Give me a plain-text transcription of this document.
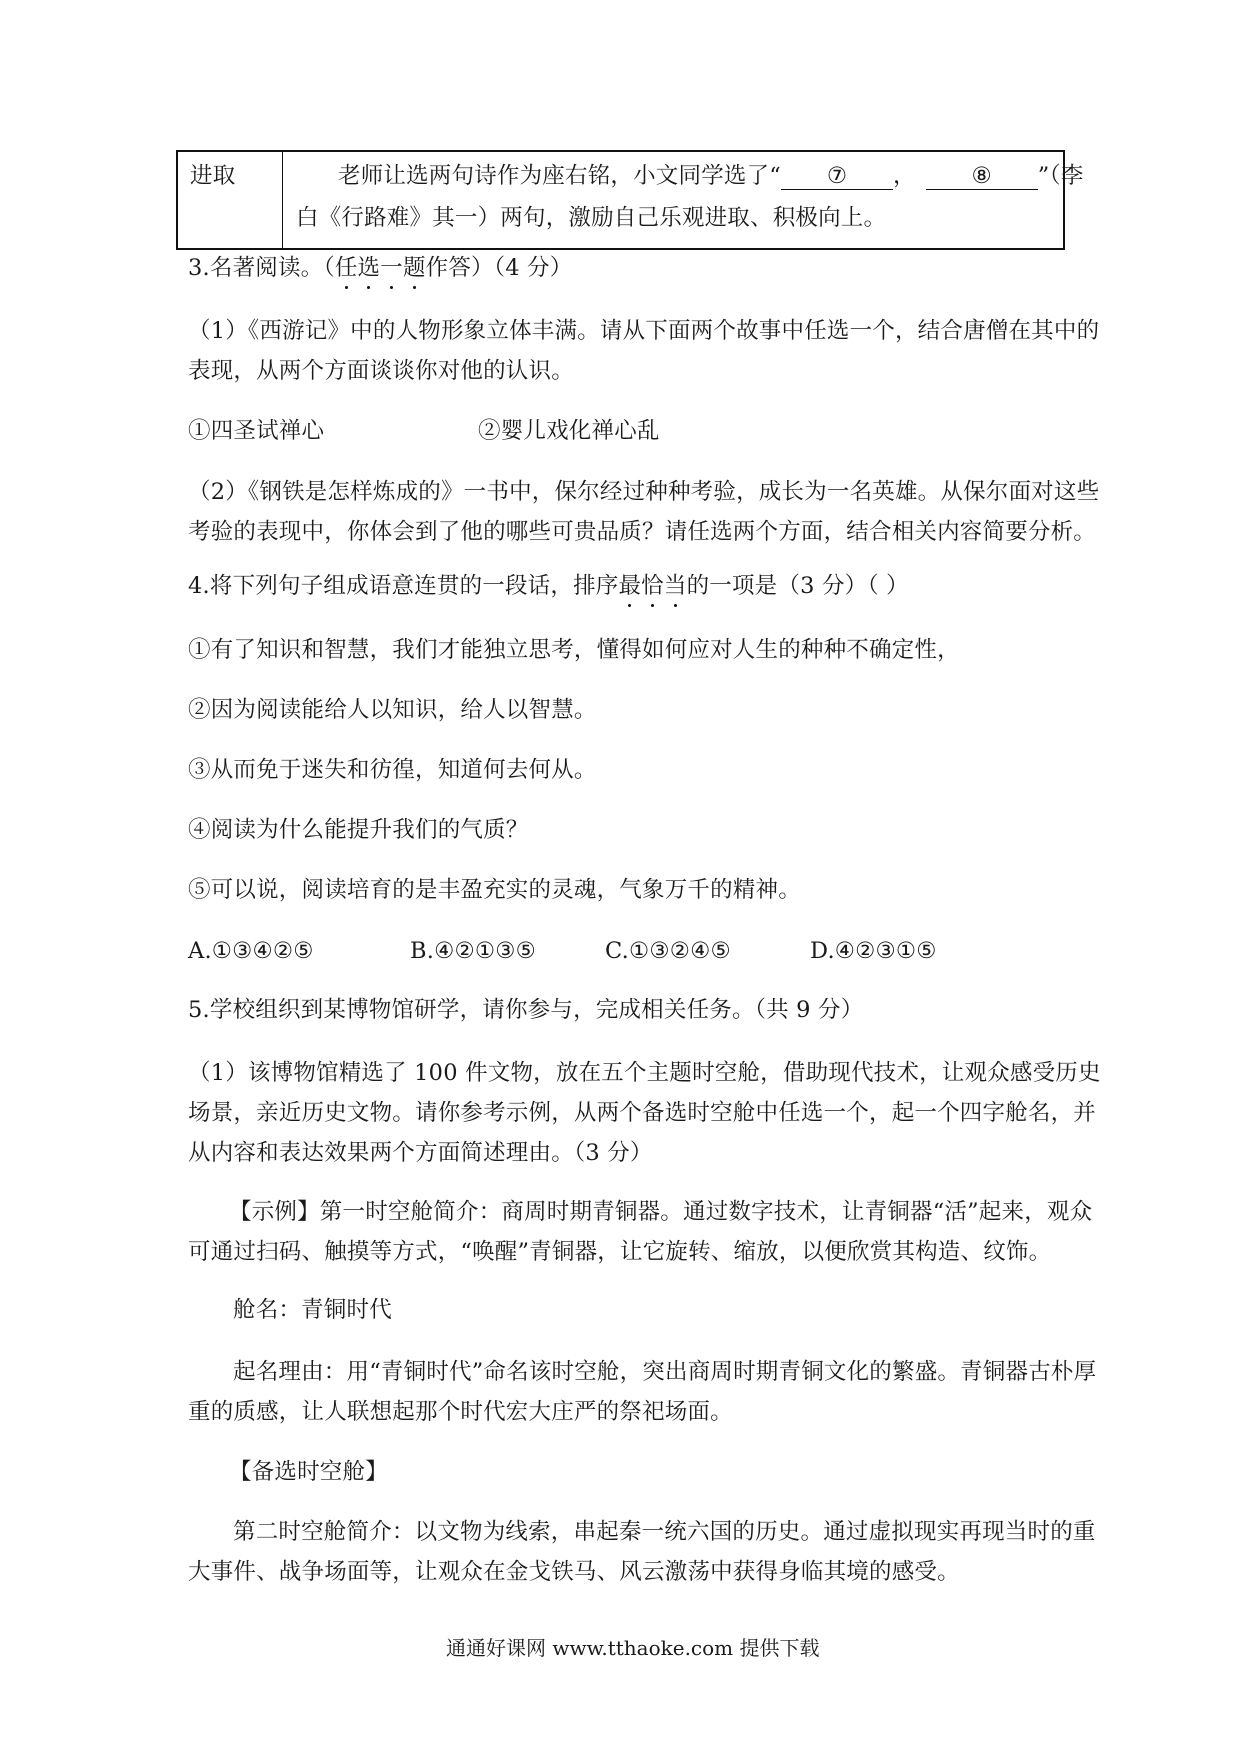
进取	老师让选两句诗作为座右铭，小文同学选了“ ⑦ ， ⑧ ”（李
白《行路难》其一）两句，激励自己乐观进取、积极向上。
3.名著阅读。（任选一题作答）（4 分）
（1）《西游记》中的人物形象立体丰满。请从下面两个故事中任选一个，结合唐僧在其中的
表现，从两个方面谈谈你对他的认识。
①四圣试禅心	②婴儿戏化禅心乱
（2）《钢铁是怎样炼成的》一书中，保尔经过种种考验，成长为一名英雄。从保尔面对这些
考验的表现中，你体会到了他的哪些可贵品质？请任选两个方面，结合相关内容简要分析。
4.将下列句子组成语意连贯的一段话，排序最恰当的一项是（3 分）（ ）
①有了知识和智慧，我们才能独立思考，懂得如何应对人生的种种不确定性，
②因为阅读能给人以知识，给人以智慧。
③从而免于迷失和彷徨，知道何去何从。
④阅读为什么能提升我们的气质？
⑤可以说，阅读培育的是丰盈充实的灵魂，气象万千的精神。
A.①③④②⑤	B.④②①③⑤	C.①③②④⑤	D.④②③①⑤
5.学校组织到某博物馆研学，请你参与，完成相关任务。（共 9 分）
（1）该博物馆精选了 100 件文物，放在五个主题时空舱，借助现代技术，让观众感受历史
场景，亲近历史文物。请你参考示例，从两个备选时空舱中任选一个，起一个四字舱名，并
从内容和表达效果两个方面简述理由。（3 分）
【示例】第一时空舱简介：商周时期青铜器。通过数字技术，让青铜器“活”起来，观众
可通过扫码、触摸等方式，“唤醒”青铜器，让它旋转、缩放，以便欣赏其构造、纹饰。
舱名：青铜时代
起名理由：用“青铜时代”命名该时空舱，突出商周时期青铜文化的繁盛。青铜器古朴厚
重的质感，让人联想起那个时代宏大庄严的祭祀场面。
【备选时空舱】
第二时空舱简介：以文物为线索，串起秦一统六国的历史。通过虚拟现实再现当时的重
大事件、战争场面等，让观众在金戈铁马、风云激荡中获得身临其境的感受。
通通好课网 www.tthaoke.com 提供下载
